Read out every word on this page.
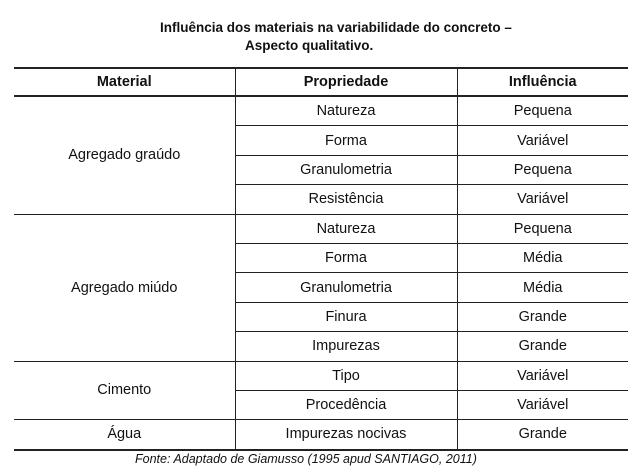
Influência dos materiais na variabilidade do concreto –
Aspecto qualitativo.
Material	Propriedade	Influência
Agregado graúdo	Natureza	Pequena
	Forma	Variável
	Granulometria	Pequena
	Resistência	Variável
Agregado miúdo	Natureza	Pequena
	Forma	Média
	Granulometria	Média
	Finura	Grande
	Impurezas	Grande
Cimento	Tipo	Variável
	Procedência	Variável
Água	Impurezas nocivas	Grande
Fonte: Adaptado de Giamusso (1995 apud SANTIAGO, 2011)
